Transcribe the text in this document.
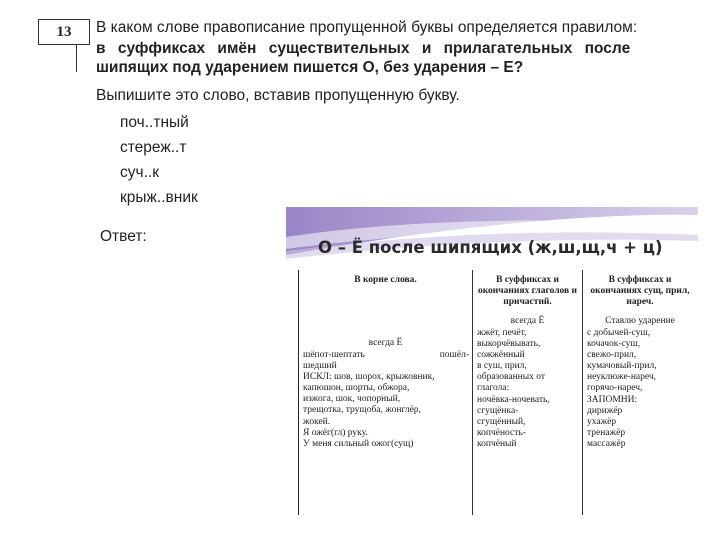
13	В каком слове правописание пропущенной буквы определяется правилом:
в суффиксах имён существительных и прилагательных после
шипящих под ударением пишется О, без ударения – Е?
Выпишите это слово, вставив пропущенную букву.
поч..тный
стереж..т
суч..к
крыж..вник
Ответ:
О – Ё после шипящих (ж,ш,щ,ч + ц)
В корне слова.
всегда Ё
шёпот-шептать	пошёл-
шедший
ИСКЛ: шов, шорох, крыжовник,
капюшон, шорты, обжора,
изжога, шок, чопорный,
трещотка, трущоба, жонглёр,
жокей.
Я ожёг(гл) руку.
У меня сильный ожог(сущ)
В суффиксах и окончаниях глаголов и причастий.
всегда Ё
жжёт, печёт,
выкорчёвывать,
сожжённый
в суш, прил,
образованных от
глагола:
ночёвка-ночевать,
сгущёнка-
сгущённый,
копчёность-
копчёный
В суффиксах и окончаниях сущ, прил, нареч.
Ставлю ударение
с добычей-суш,
кочачок-суш,
свежо-прил,
кумачовый-прил,
неуклюже-нареч,
горячо-нареч,
ЗАПОМНИ:
дирижёр
ухажёр
тренажёр
массажёр
